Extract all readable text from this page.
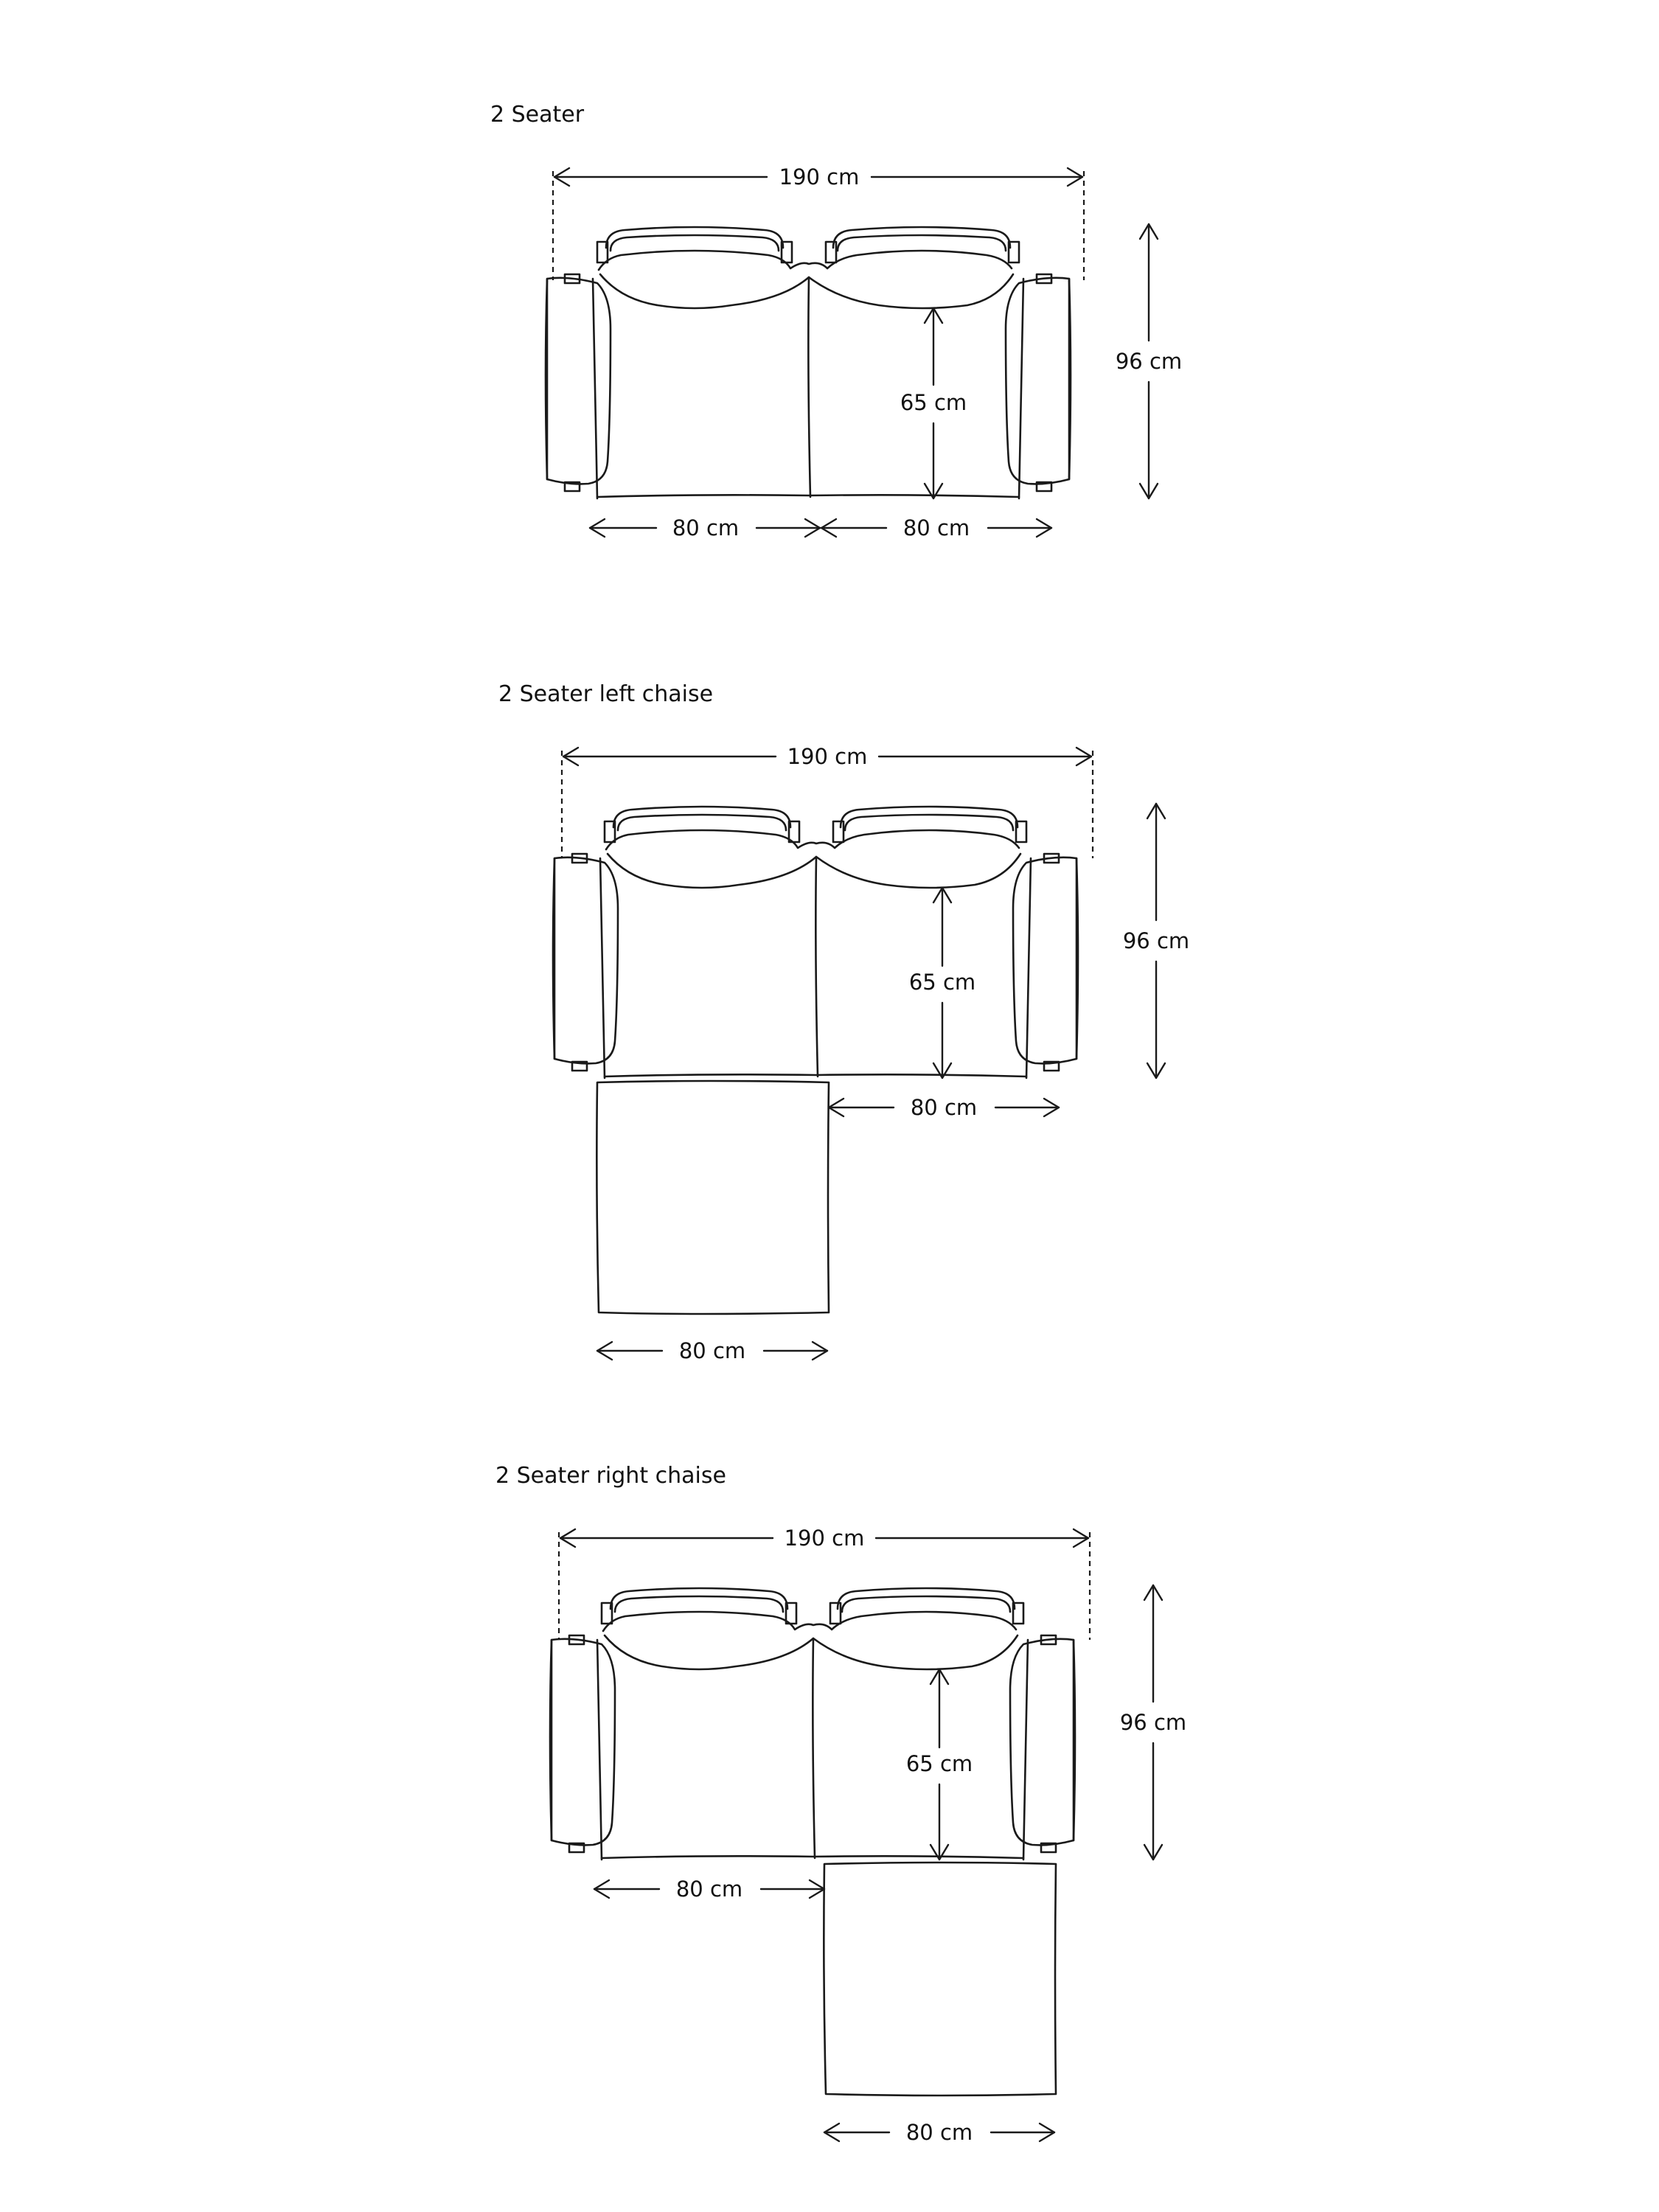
2 Seater
190 cm
96 cm
65 cm
80 cm	80 cm
2 Seater left chaise
190 cm
96 cm
65 cm
80 cm
80 cm
2 Seater right chaise
190 cm
96 cm
65 cm
80 cm
80 cm
